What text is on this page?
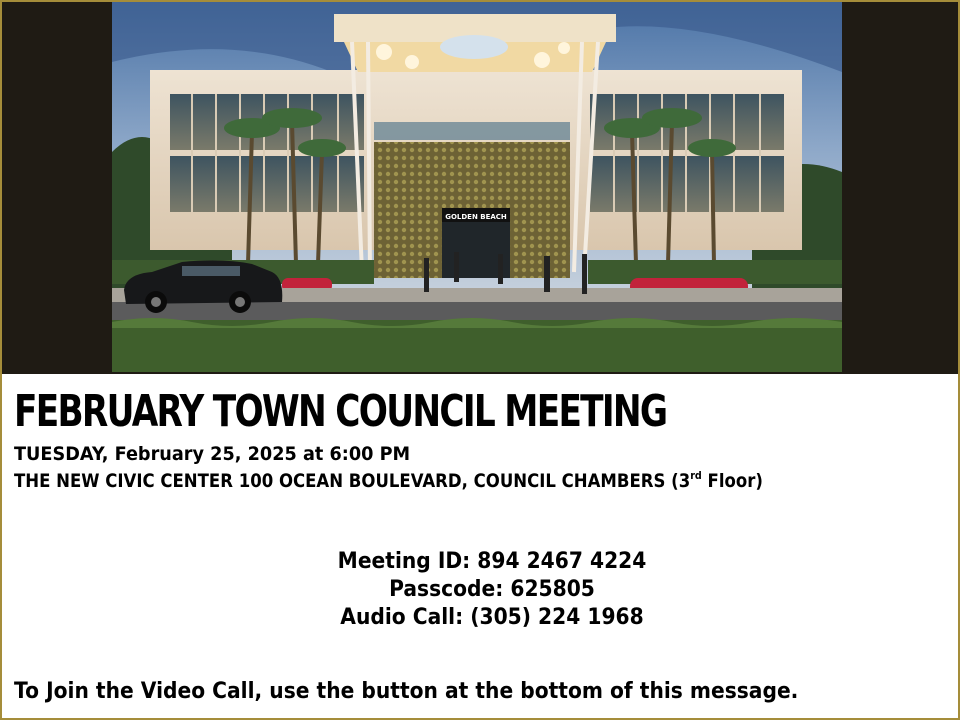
GOLDEN BEACH
FEBRUARY TOWN COUNCIL MEETING

TUESDAY, February 25, 2025 at 6:00 PM

THE NEW CIVIC CENTER 100 OCEAN BOULEVARD, COUNCIL CHAMBERS (3rd Floor)

Meeting ID: 894 2467 4224

Passcode: 625805

Audio Call: (305) 224 1968

To Join the Video Call, use the button at the bottom of this message.
